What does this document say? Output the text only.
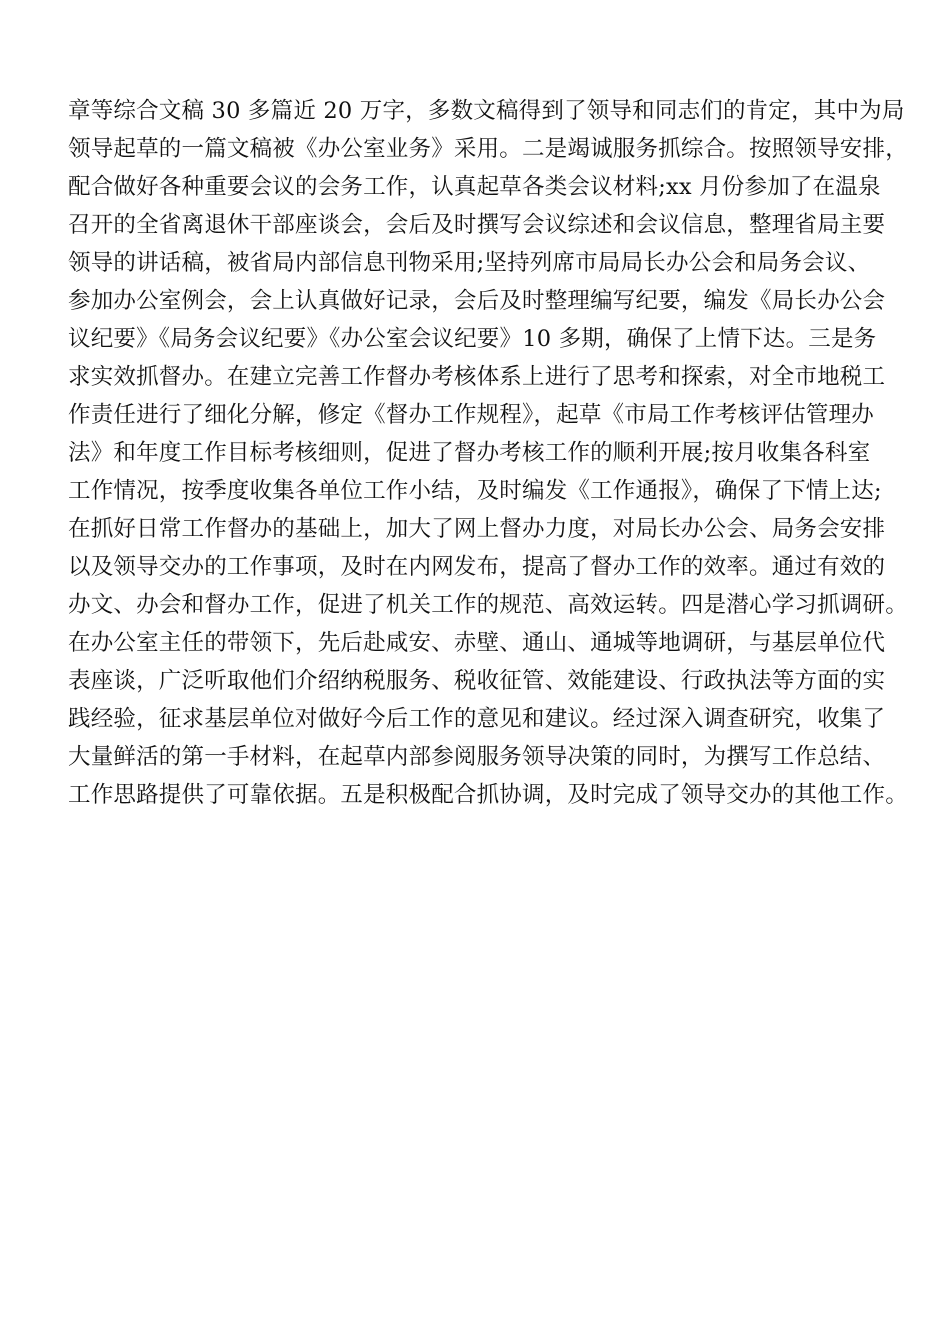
章等综合文稿 30 多篇近 20 万字，多数文稿得到了领导和同志们的肯定，其中为局
领导起草的一篇文稿被《办公室业务》采用。二是竭诚服务抓综合。按照领导安排，
配合做好各种重要会议的会务工作，认真起草各类会议材料;xx 月份参加了在温泉
召开的全省离退休干部座谈会，会后及时撰写会议综述和会议信息，整理省局主要
领导的讲话稿，被省局内部信息刊物采用;坚持列席市局局长办公会和局务会议、
参加办公室例会，会上认真做好记录，会后及时整理编写纪要，编发《局长办公会
议纪要》《局务会议纪要》《办公室会议纪要》10 多期，确保了上情下达。三是务
求实效抓督办。在建立完善工作督办考核体系上进行了思考和探索，对全市地税工
作责任进行了细化分解，修定《督办工作规程》，起草《市局工作考核评估管理办
法》和年度工作目标考核细则，促进了督办考核工作的顺利开展;按月收集各科室
工作情况，按季度收集各单位工作小结，及时编发《工作通报》，确保了下情上达;
在抓好日常工作督办的基础上，加大了网上督办力度，对局长办公会、局务会安排
以及领导交办的工作事项，及时在内网发布，提高了督办工作的效率。通过有效的
办文、办会和督办工作，促进了机关工作的规范、高效运转。四是潜心学习抓调研。
在办公室主任的带领下，先后赴咸安、赤壁、通山、通城等地调研，与基层单位代
表座谈，广泛听取他们介绍纳税服务、税收征管、效能建设、行政执法等方面的实
践经验，征求基层单位对做好今后工作的意见和建议。经过深入调查研究，收集了
大量鲜活的第一手材料，在起草内部参阅服务领导决策的同时，为撰写工作总结、
工作思路提供了可靠依据。五是积极配合抓协调，及时完成了领导交办的其他工作。
